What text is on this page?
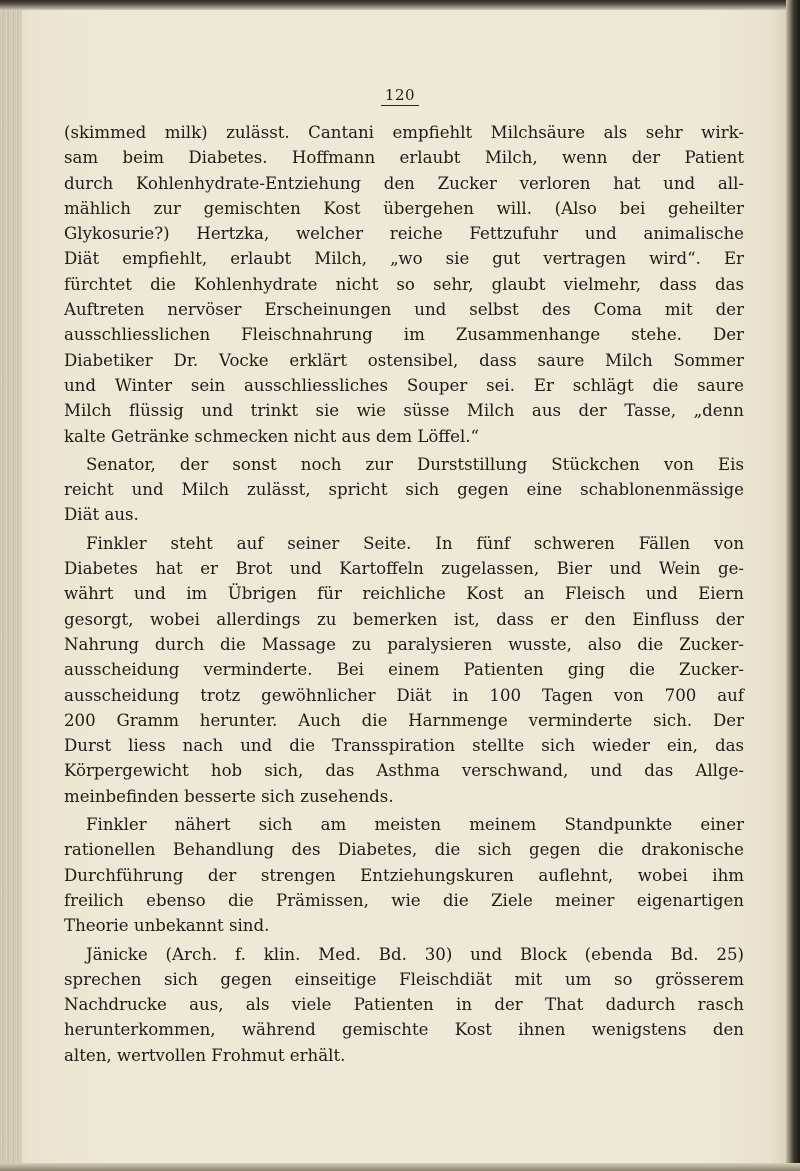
120
(skimmed milk) zulässt. Cantani empfiehlt Milchsäure als sehr wirk-
sam beim Diabetes. Hoffmann erlaubt Milch, wenn der Patient
durch Kohlenhydrate-Entziehung den Zucker verloren hat und all-
mählich zur gemischten Kost übergehen will. (Also bei geheilter
Glykosurie?) Hertzka, welcher reiche Fettzufuhr und animalische
Diät empfiehlt, erlaubt Milch, „wo sie gut vertragen wird“. Er
fürchtet die Kohlenhydrate nicht so sehr, glaubt vielmehr, dass das
Auftreten nervöser Erscheinungen und selbst des Coma mit der
ausschliesslichen Fleischnahrung im Zusammenhange stehe. Der
Diabetiker Dr. Vocke erklärt ostensibel, dass saure Milch Sommer
und Winter sein ausschliessliches Souper sei. Er schlägt die saure
Milch flüssig und trinkt sie wie süsse Milch aus der Tasse, „denn
kalte Getränke schmecken nicht aus dem Löffel.“
Senator, der sonst noch zur Durststillung Stückchen von Eis
reicht und Milch zulässt, spricht sich gegen eine schablonenmässige
Diät aus.
Finkler steht auf seiner Seite. In fünf schweren Fällen von
Diabetes hat er Brot und Kartoffeln zugelassen, Bier und Wein ge-
währt und im Übrigen für reichliche Kost an Fleisch und Eiern
gesorgt, wobei allerdings zu bemerken ist, dass er den Einfluss der
Nahrung durch die Massage zu paralysieren wusste, also die Zucker-
ausscheidung verminderte. Bei einem Patienten ging die Zucker-
ausscheidung trotz gewöhnlicher Diät in 100 Tagen von 700 auf
200 Gramm herunter. Auch die Harnmenge verminderte sich. Der
Durst liess nach und die Transspiration stellte sich wieder ein, das
Körpergewicht hob sich, das Asthma verschwand, und das Allge-
meinbefinden besserte sich zusehends.
Finkler nähert sich am meisten meinem Standpunkte einer
rationellen Behandlung des Diabetes, die sich gegen die drakonische
Durchführung der strengen Entziehungskuren auflehnt, wobei ihm
freilich ebenso die Prämissen, wie die Ziele meiner eigenartigen
Theorie unbekannt sind.
Jänicke (Arch. f. klin. Med. Bd. 30) und Block (ebenda Bd. 25)
sprechen sich gegen einseitige Fleischdiät mit um so grösserem
Nachdrucke aus, als viele Patienten in der That dadurch rasch
herunterkommen, während gemischte Kost ihnen wenigstens den
alten, wertvollen Frohmut erhält.
